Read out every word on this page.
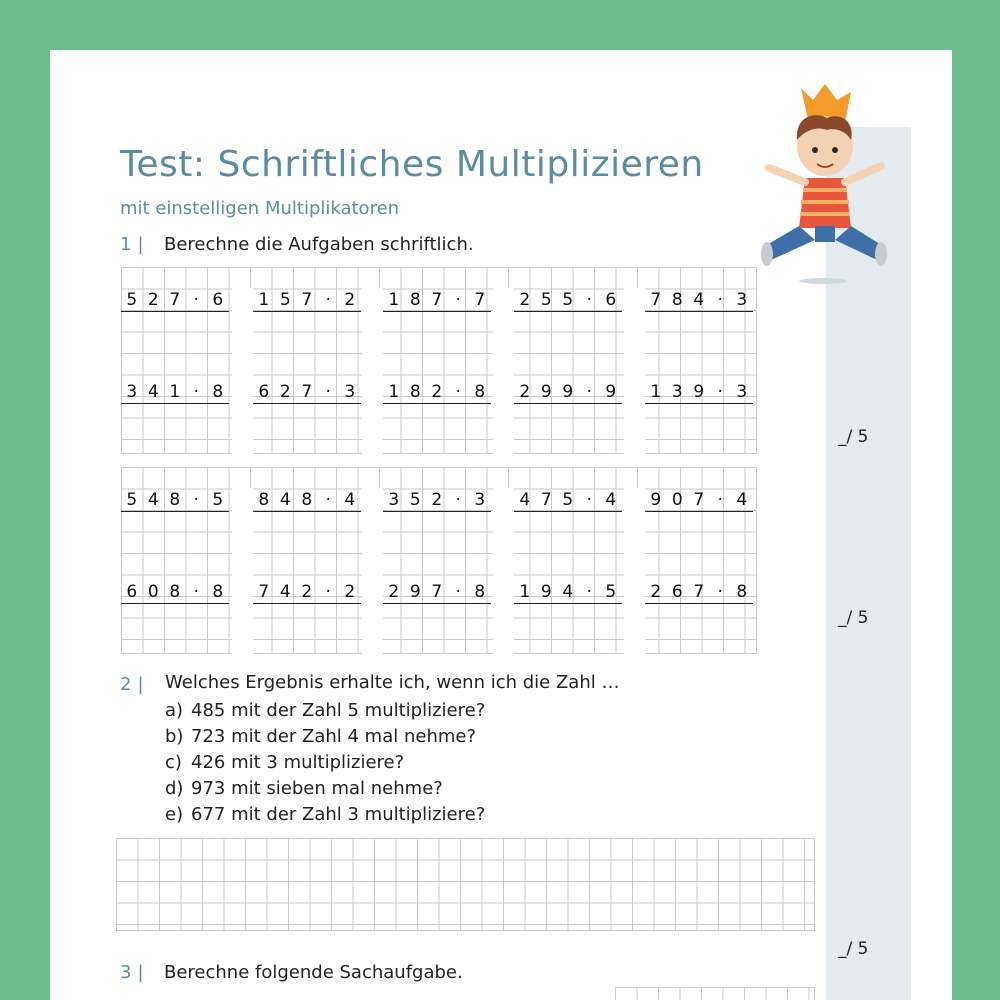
Test: Schriftliches Multiplizieren
mit einstelligen Multiplikatoren
1 | Berechne die Aufgaben schriftlich.
2 |	Welches Ergebnis erhalte ich, wenn ich die Zahl …
a) 485 mit der Zahl 5 multipliziere?
b) 723 mit der Zahl 4 mal nehme?
c) 426 mit 3 multipliziere?
d) 973 mit sieben mal nehme?
e) 677 mit der Zahl 3 multipliziere?
3 | Berechne folgende Sachaufgabe.
_/ 5
_/ 5
_/ 5
5 2 7 · 6	1 5 7 · 2	1 8 7 · 7	2 5 5 · 6	7 8 4 · 3
3 4 1 · 8	6 2 7 · 3	1 8 2 · 8	2 9 9 · 9	1 3 9 · 3
5 4 8 · 5	8 4 8 · 4	3 5 2 · 3	4 7 5 · 4	9 0 7 · 4
6 0 8 · 8	7 4 2 · 2	2 9 7 · 8	1 9 4 · 5	2 6 7 · 8
